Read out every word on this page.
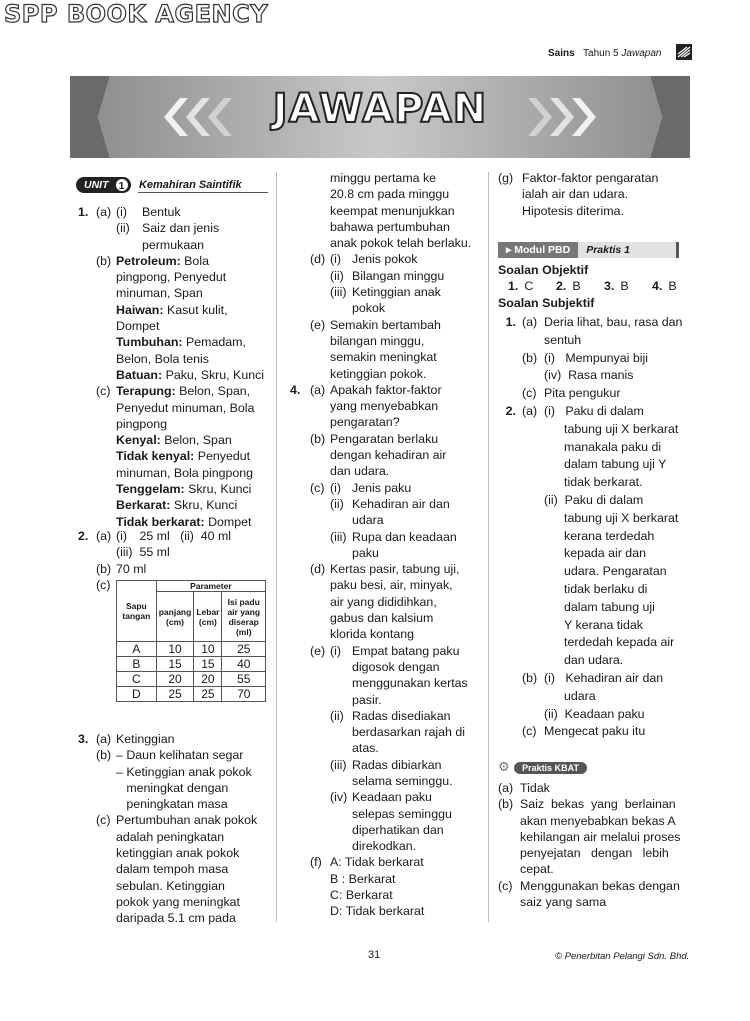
SPP BOOK AGENCY
Sains Tahun 5 Jawapan
JAWAPAN
UNIT 1	Kemahiran Saintifik

1. (a) (i) Bentuk

(ii) Saiz dan jenis

permukaan

(b) Petroleum: Bola

pingpong, Penyedut

minuman, Span

Haiwan: Kasut kulit,

Dompet

Tumbuhan: Pemadam,

Belon, Bola tenis

Batuan: Paku, Skru, Kunci

(c) Terapung: Belon, Span,

Penyedut minuman, Bola

pingpong

Kenyal: Belon, Span

Tidak kenyal: Penyedut

minuman, Bola pingpong

Tenggelam: Skru, Kunci

Berkarat: Skru, Kunci

Tidak berkarat: Dompet

2. (a) (i) 25 ml (ii) 40 ml

(iii) 55 ml

(b) 70 ml

(c)

Sapu tangan	Parameter		
	panjang (cm)	Lebar (cm)	Isi padu air yang diserap (ml)
A	10	10	25
B	15	15	40
C	20	20	55
D	25	25	70

3. (a) Ketinggian

(b) – Daun kelihatan segar

– Ketinggian anak pokok

meningkat dengan

peningkatan masa

(c) Pertumbuhan anak pokok

adalah peningkatan

ketinggian anak pokok

dalam tempoh masa

sebulan. Ketinggian

pokok yang meningkat

daripada 5.1 cm pada

minggu pertama ke

20.8 cm pada minggu

keempat menunjukkan

bahawa pertumbuhan

anak pokok telah berlaku.

(d) (i) Jenis pokok

(ii) Bilangan minggu

(iii) Ketinggian anak

pokok

(e) Semakin bertambah

bilangan minggu,

semakin meningkat

ketinggian pokok.

4. (a) Apakah faktor-faktor

yang menyebabkan

pengaratan?

(b) Pengaratan berlaku

dengan kehadiran air

dan udara.

(c) (i) Jenis paku

(ii) Kehadiran air dan

udara

(iii) Rupa dan keadaan

paku

(d) Kertas pasir, tabung uji,

paku besi, air, minyak,

air yang dididihkan,

gabus dan kalsium

klorida kontang

(e) (i) Empat batang paku

digosok dengan

menggunakan kertas

pasir.

(ii) Radas disediakan

berdasarkan rajah di

atas.

(iii) Radas dibiarkan

selama seminggu.

(iv) Keadaan paku

selepas seminggu

diperhatikan dan

direkodkan.

(f) A: Tidak berkarat

B : Berkarat

C: Berkarat

D: Tidak berkarat

(g) Faktor-faktor pengaratan

ialah air dan udara.

Hipotesis diterima.

▸ Modul PBD Praktis 1

Soalan Objektif

1. C 2. B 3. B 4. B

Soalan Subjektif

1. (a) Deria lihat, bau, rasa dan

sentuh

(b) (i)   Mempunyai biji

(iv)  Rasa manis

(c) Pita pengukur

2. (a) (i)   Paku di dalam

tabung uji X berkarat

manakala paku di

dalam tabung uji Y

tidak berkarat.

(ii)  Paku di dalam

tabung uji X berkarat

kerana terdedah

kepada air dan

udara. Pengaratan

tidak berlaku di

dalam tabung uji

Y kerana tidak

terdedah kepada air

dan udara.

(b) (i)   Kehadiran air dan

udara

(ii)  Keadaan paku

(c) Mengecat paku itu

⚙ Praktis KBAT

(a) Tidak

(b) Saiz  bekas  yang  berlainan

akan menyebabkan bekas A

kehilangan air melalui proses

penyejatan   dengan   lebih

cepat.

(c) Menggunakan bekas dengan

saiz yang sama

31	© Penerbitan Pelangi Sdn. Bhd.
